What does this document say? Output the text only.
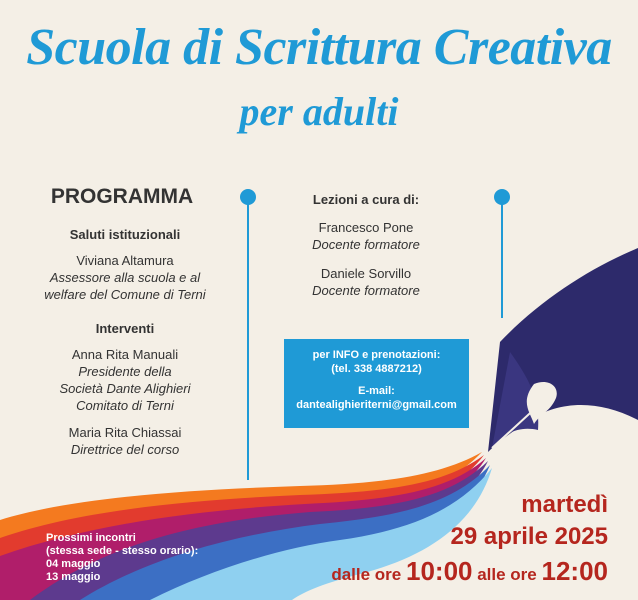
Scuola di Scrittura Creativa
per adulti
PROGRAMMA
Saluti istituzionali
Viviana Altamura
Assessore alla scuola e al
welfare del Comune di Terni
Interventi
Anna Rita Manuali
Presidente della
Società Dante Alighieri
Comitato di Terni
Maria Rita Chiassai
Direttrice del corso
Lezioni a cura di:
Francesco Pone
Docente formatore
Daniele Sorvillo
Docente formatore
per INFO e prenotazioni:
(tel. 338 4887212)
E-mail:
dantealighieriterni@gmail.com
Prossimi incontri
(stessa sede - stesso orario):
04 maggio
13 maggio
martedì
29 aprile 2025
dalle ore 10:00 alle ore 12:00
